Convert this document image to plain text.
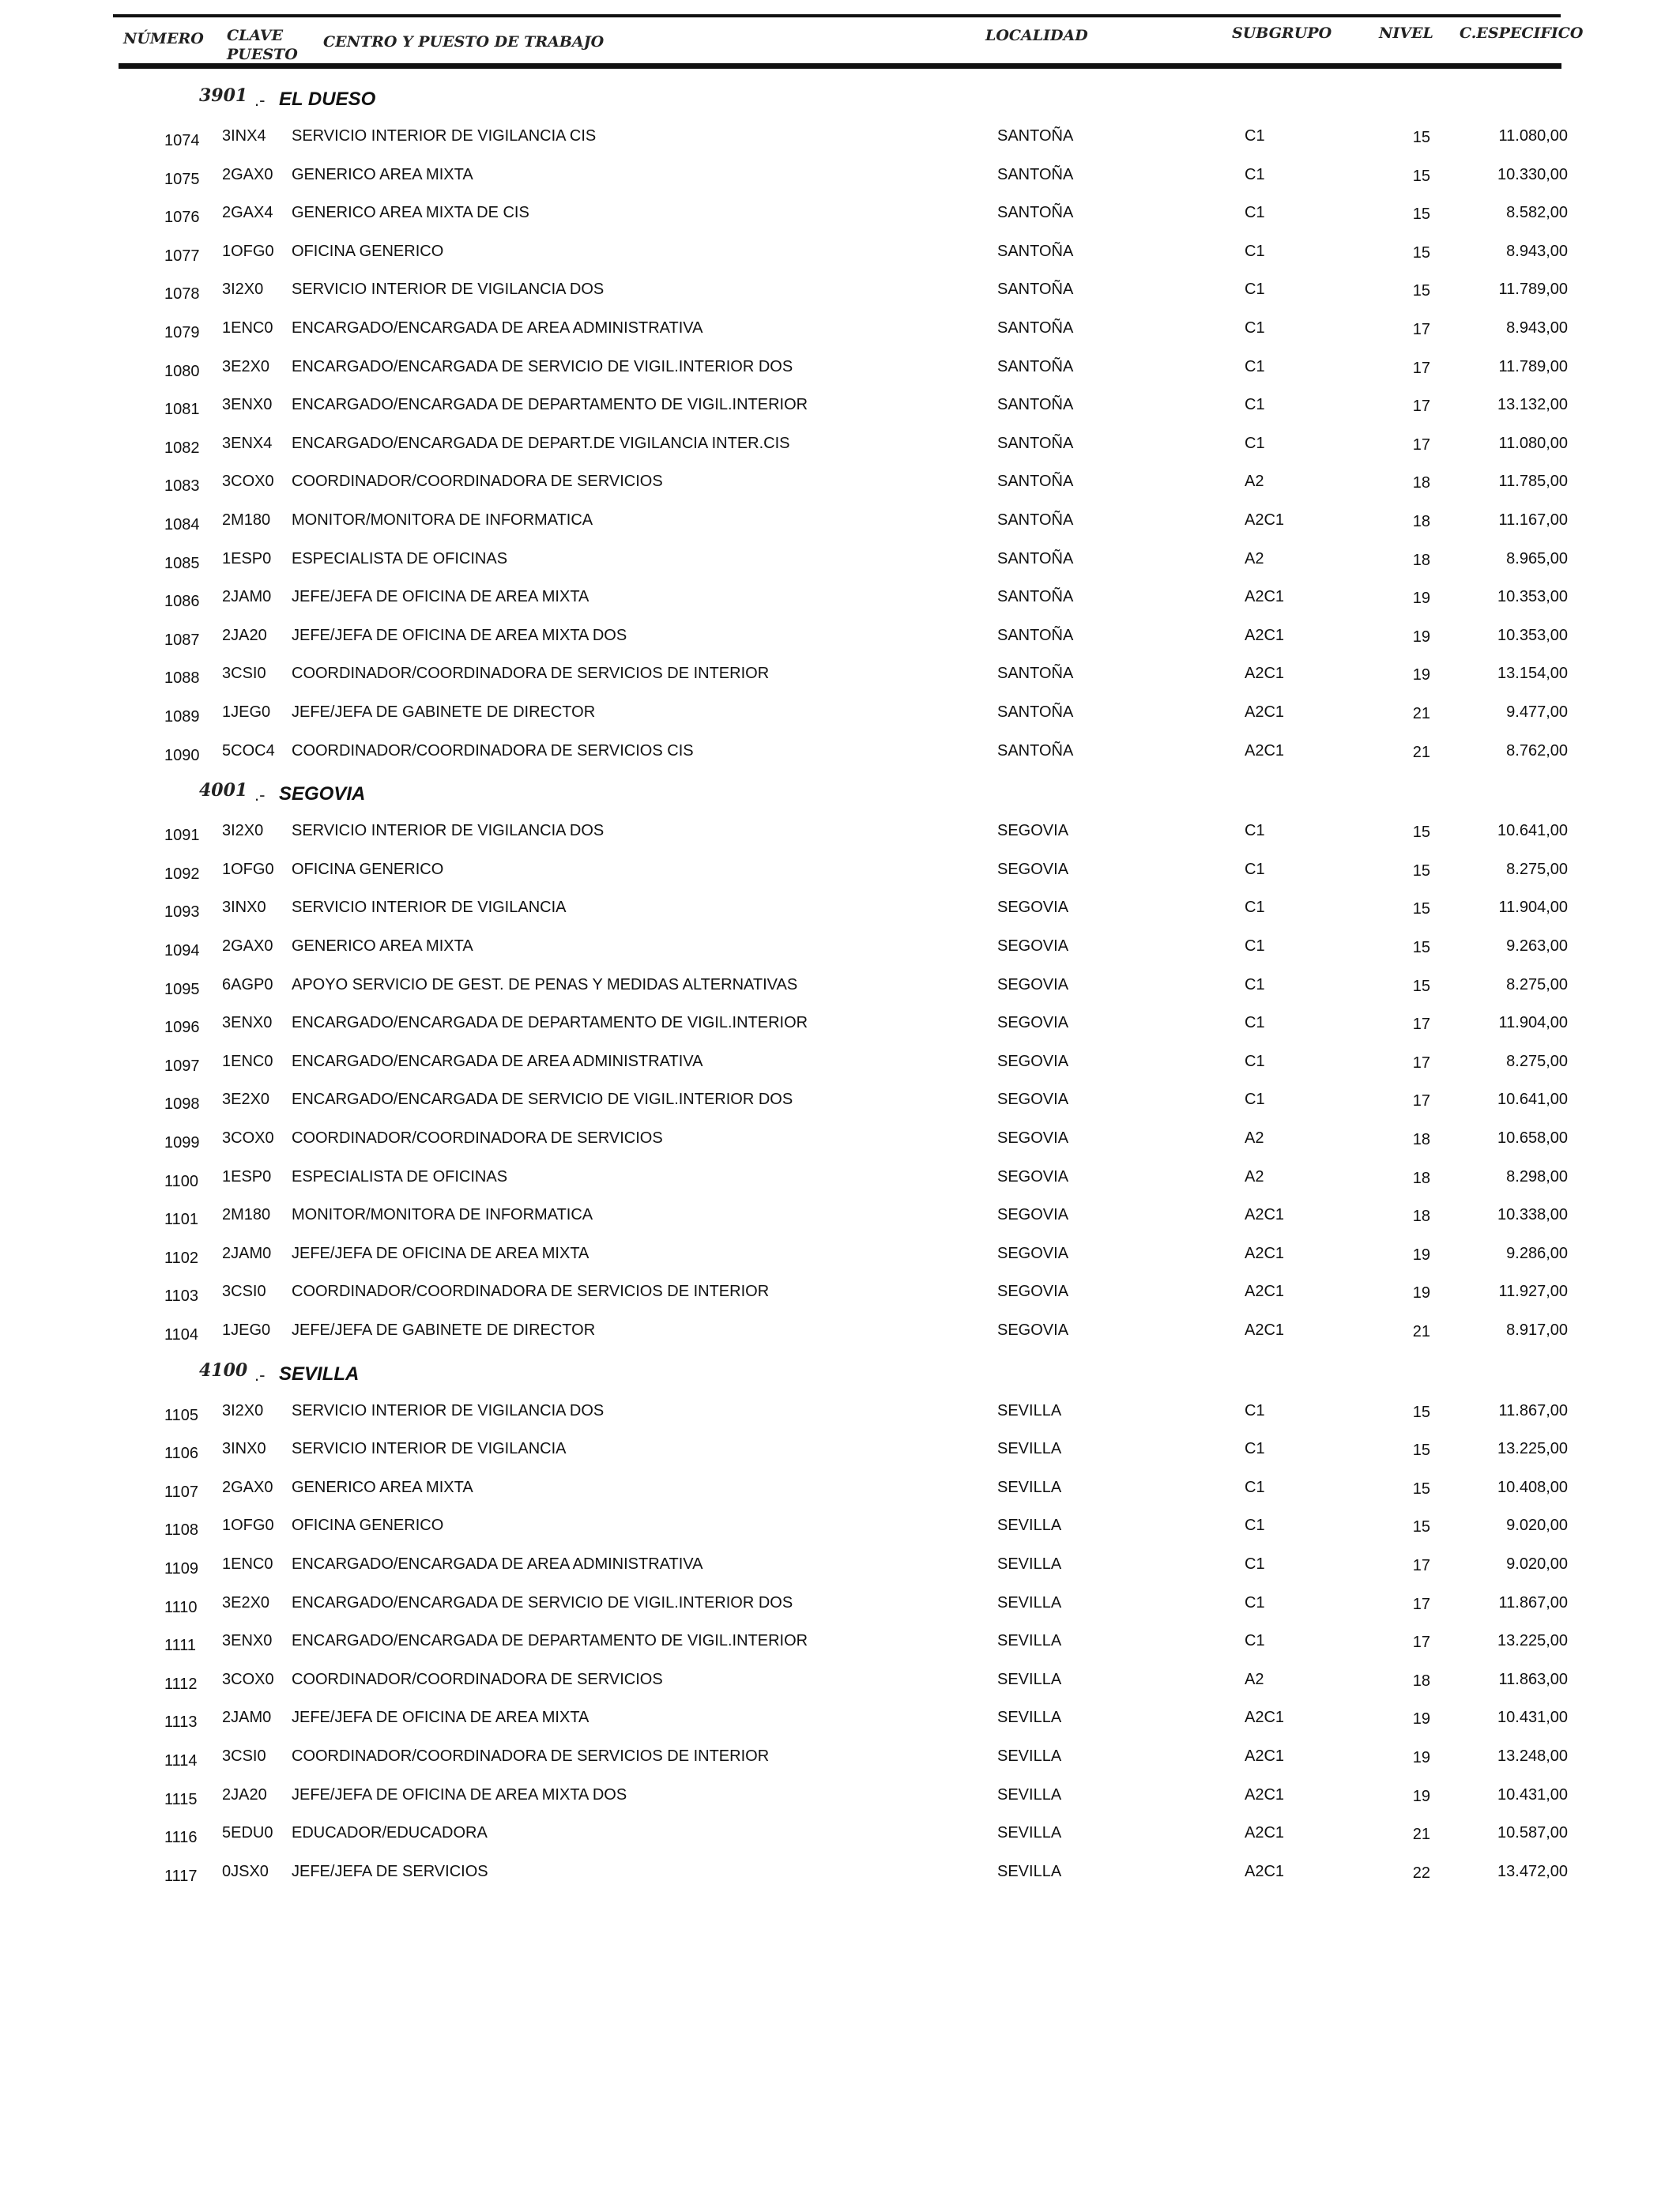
NÚMERO CLAVE
PUESTO
CENTRO Y PUESTO DE TRABAJO	LOCALIDAD	SUBGRUPO	NIVEL C.ESPECIFICO
3901 .- EL DUESO
1074 3INX4 SERVICIO INTERIOR DE VIGILANCIA CIS	SANTOÑA	C1	15	11.080,00
1075 2GAX0 GENERICO AREA MIXTA	SANTOÑA	C1	15	10.330,00
1076 2GAX4 GENERICO AREA MIXTA DE CIS	SANTOÑA	C1	15	8.582,00
1077 1OFG0 OFICINA GENERICO	SANTOÑA	C1	15	8.943,00
1078 3I2X0 SERVICIO INTERIOR DE VIGILANCIA DOS	SANTOÑA	C1	15	11.789,00
1079 1ENC0 ENCARGADO/ENCARGADA DE AREA ADMINISTRATIVA	SANTOÑA	C1	17	8.943,00
1080 3E2X0 ENCARGADO/ENCARGADA DE SERVICIO DE VIGIL.INTERIOR DOS	SANTOÑA	C1	17	11.789,00
1081 3ENX0 ENCARGADO/ENCARGADA DE DEPARTAMENTO DE VIGIL.INTERIOR	SANTOÑA	C1	17	13.132,00
1082 3ENX4 ENCARGADO/ENCARGADA DE DEPART.DE VIGILANCIA INTER.CIS	SANTOÑA	C1	17	11.080,00
1083 3COX0 COORDINADOR/COORDINADORA DE SERVICIOS	SANTOÑA	A2	18	11.785,00
1084 2M180 MONITOR/MONITORA DE INFORMATICA	SANTOÑA	A2C1	18	11.167,00
1085 1ESP0 ESPECIALISTA DE OFICINAS	SANTOÑA	A2	18	8.965,00
1086 2JAM0 JEFE/JEFA DE OFICINA DE AREA MIXTA	SANTOÑA	A2C1	19	10.353,00
1087 2JA20 JEFE/JEFA DE OFICINA DE AREA MIXTA DOS	SANTOÑA	A2C1	19	10.353,00
1088 3CSI0 COORDINADOR/COORDINADORA DE SERVICIOS DE INTERIOR	SANTOÑA	A2C1	19	13.154,00
1089 1JEG0 JEFE/JEFA DE GABINETE DE DIRECTOR	SANTOÑA	A2C1	21	9.477,00
1090 5COC4 COORDINADOR/COORDINADORA DE SERVICIOS CIS	SANTOÑA	A2C1	21	8.762,00
4001 .- SEGOVIA
1091 3I2X0 SERVICIO INTERIOR DE VIGILANCIA DOS	SEGOVIA	C1	15	10.641,00
1092 1OFG0 OFICINA GENERICO	SEGOVIA	C1	15	8.275,00
1093 3INX0 SERVICIO INTERIOR DE VIGILANCIA	SEGOVIA	C1	15	11.904,00
1094 2GAX0 GENERICO AREA MIXTA	SEGOVIA	C1	15	9.263,00
1095 6AGP0 APOYO SERVICIO DE GEST. DE PENAS Y MEDIDAS ALTERNATIVAS	SEGOVIA	C1	15	8.275,00
1096 3ENX0 ENCARGADO/ENCARGADA DE DEPARTAMENTO DE VIGIL.INTERIOR	SEGOVIA	C1	17	11.904,00
1097 1ENC0 ENCARGADO/ENCARGADA DE AREA ADMINISTRATIVA	SEGOVIA	C1	17	8.275,00
1098 3E2X0 ENCARGADO/ENCARGADA DE SERVICIO DE VIGIL.INTERIOR DOS	SEGOVIA	C1	17	10.641,00
1099 3COX0 COORDINADOR/COORDINADORA DE SERVICIOS	SEGOVIA	A2	18	10.658,00
1100 1ESP0 ESPECIALISTA DE OFICINAS	SEGOVIA	A2	18	8.298,00
1101 2M180 MONITOR/MONITORA DE INFORMATICA	SEGOVIA	A2C1	18	10.338,00
1102 2JAM0 JEFE/JEFA DE OFICINA DE AREA MIXTA	SEGOVIA	A2C1	19	9.286,00
1103 3CSI0 COORDINADOR/COORDINADORA DE SERVICIOS DE INTERIOR	SEGOVIA	A2C1	19	11.927,00
1104 1JEG0 JEFE/JEFA DE GABINETE DE DIRECTOR	SEGOVIA	A2C1	21	8.917,00
4100 .- SEVILLA
1105 3I2X0 SERVICIO INTERIOR DE VIGILANCIA DOS	SEVILLA	C1	15	11.867,00
1106 3INX0 SERVICIO INTERIOR DE VIGILANCIA	SEVILLA	C1	15	13.225,00
1107 2GAX0 GENERICO AREA MIXTA	SEVILLA	C1	15	10.408,00
1108 1OFG0 OFICINA GENERICO	SEVILLA	C1	15	9.020,00
1109 1ENC0 ENCARGADO/ENCARGADA DE AREA ADMINISTRATIVA	SEVILLA	C1	17	9.020,00
1110 3E2X0 ENCARGADO/ENCARGADA DE SERVICIO DE VIGIL.INTERIOR DOS	SEVILLA	C1	17	11.867,00
1111 3ENX0 ENCARGADO/ENCARGADA DE DEPARTAMENTO DE VIGIL.INTERIOR	SEVILLA	C1	17	13.225,00
1112 3COX0 COORDINADOR/COORDINADORA DE SERVICIOS	SEVILLA	A2	18	11.863,00
1113 2JAM0 JEFE/JEFA DE OFICINA DE AREA MIXTA	SEVILLA	A2C1	19	10.431,00
1114 3CSI0 COORDINADOR/COORDINADORA DE SERVICIOS DE INTERIOR	SEVILLA	A2C1	19	13.248,00
1115 2JA20 JEFE/JEFA DE OFICINA DE AREA MIXTA DOS	SEVILLA	A2C1	19	10.431,00
1116 5EDU0 EDUCADOR/EDUCADORA	SEVILLA	A2C1	21	10.587,00
1117 0JSX0 JEFE/JEFA DE SERVICIOS	SEVILLA	A2C1	22	13.472,00
